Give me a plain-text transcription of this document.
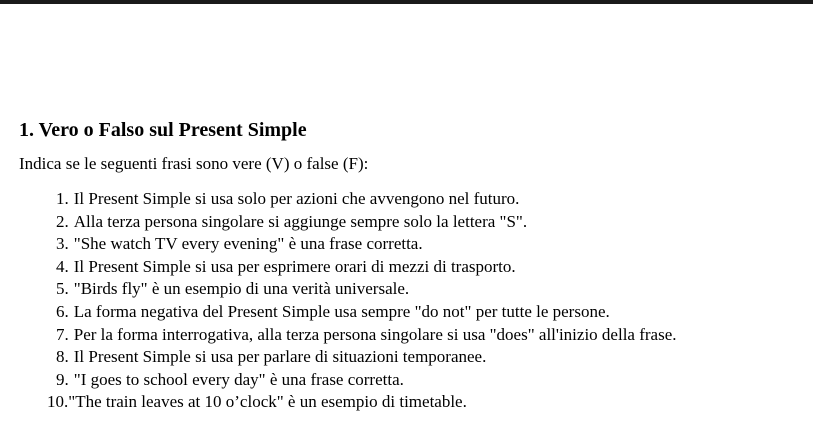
1. Vero o Falso sul Present Simple

Indica se le seguenti frasi sono vere (V) o false (F):

1. Il Present Simple si usa solo per azioni che avvengono nel futuro.
2. Alla terza persona singolare si aggiunge sempre solo la lettera "S".
3. "She watch TV every evening" è una frase corretta.
4. Il Present Simple si usa per esprimere orari di mezzi di trasporto.
5. "Birds fly" è un esempio di una verità universale.
6. La forma negativa del Present Simple usa sempre "do not" per tutte le persone.
7. Per la forma interrogativa, alla terza persona singolare si usa "does" all'inizio della frase.
8. Il Present Simple si usa per parlare di situazioni temporanee.
9. "I goes to school every day" è una frase corretta.
10."The train leaves at 10 o’clock" è un esempio di timetable.
